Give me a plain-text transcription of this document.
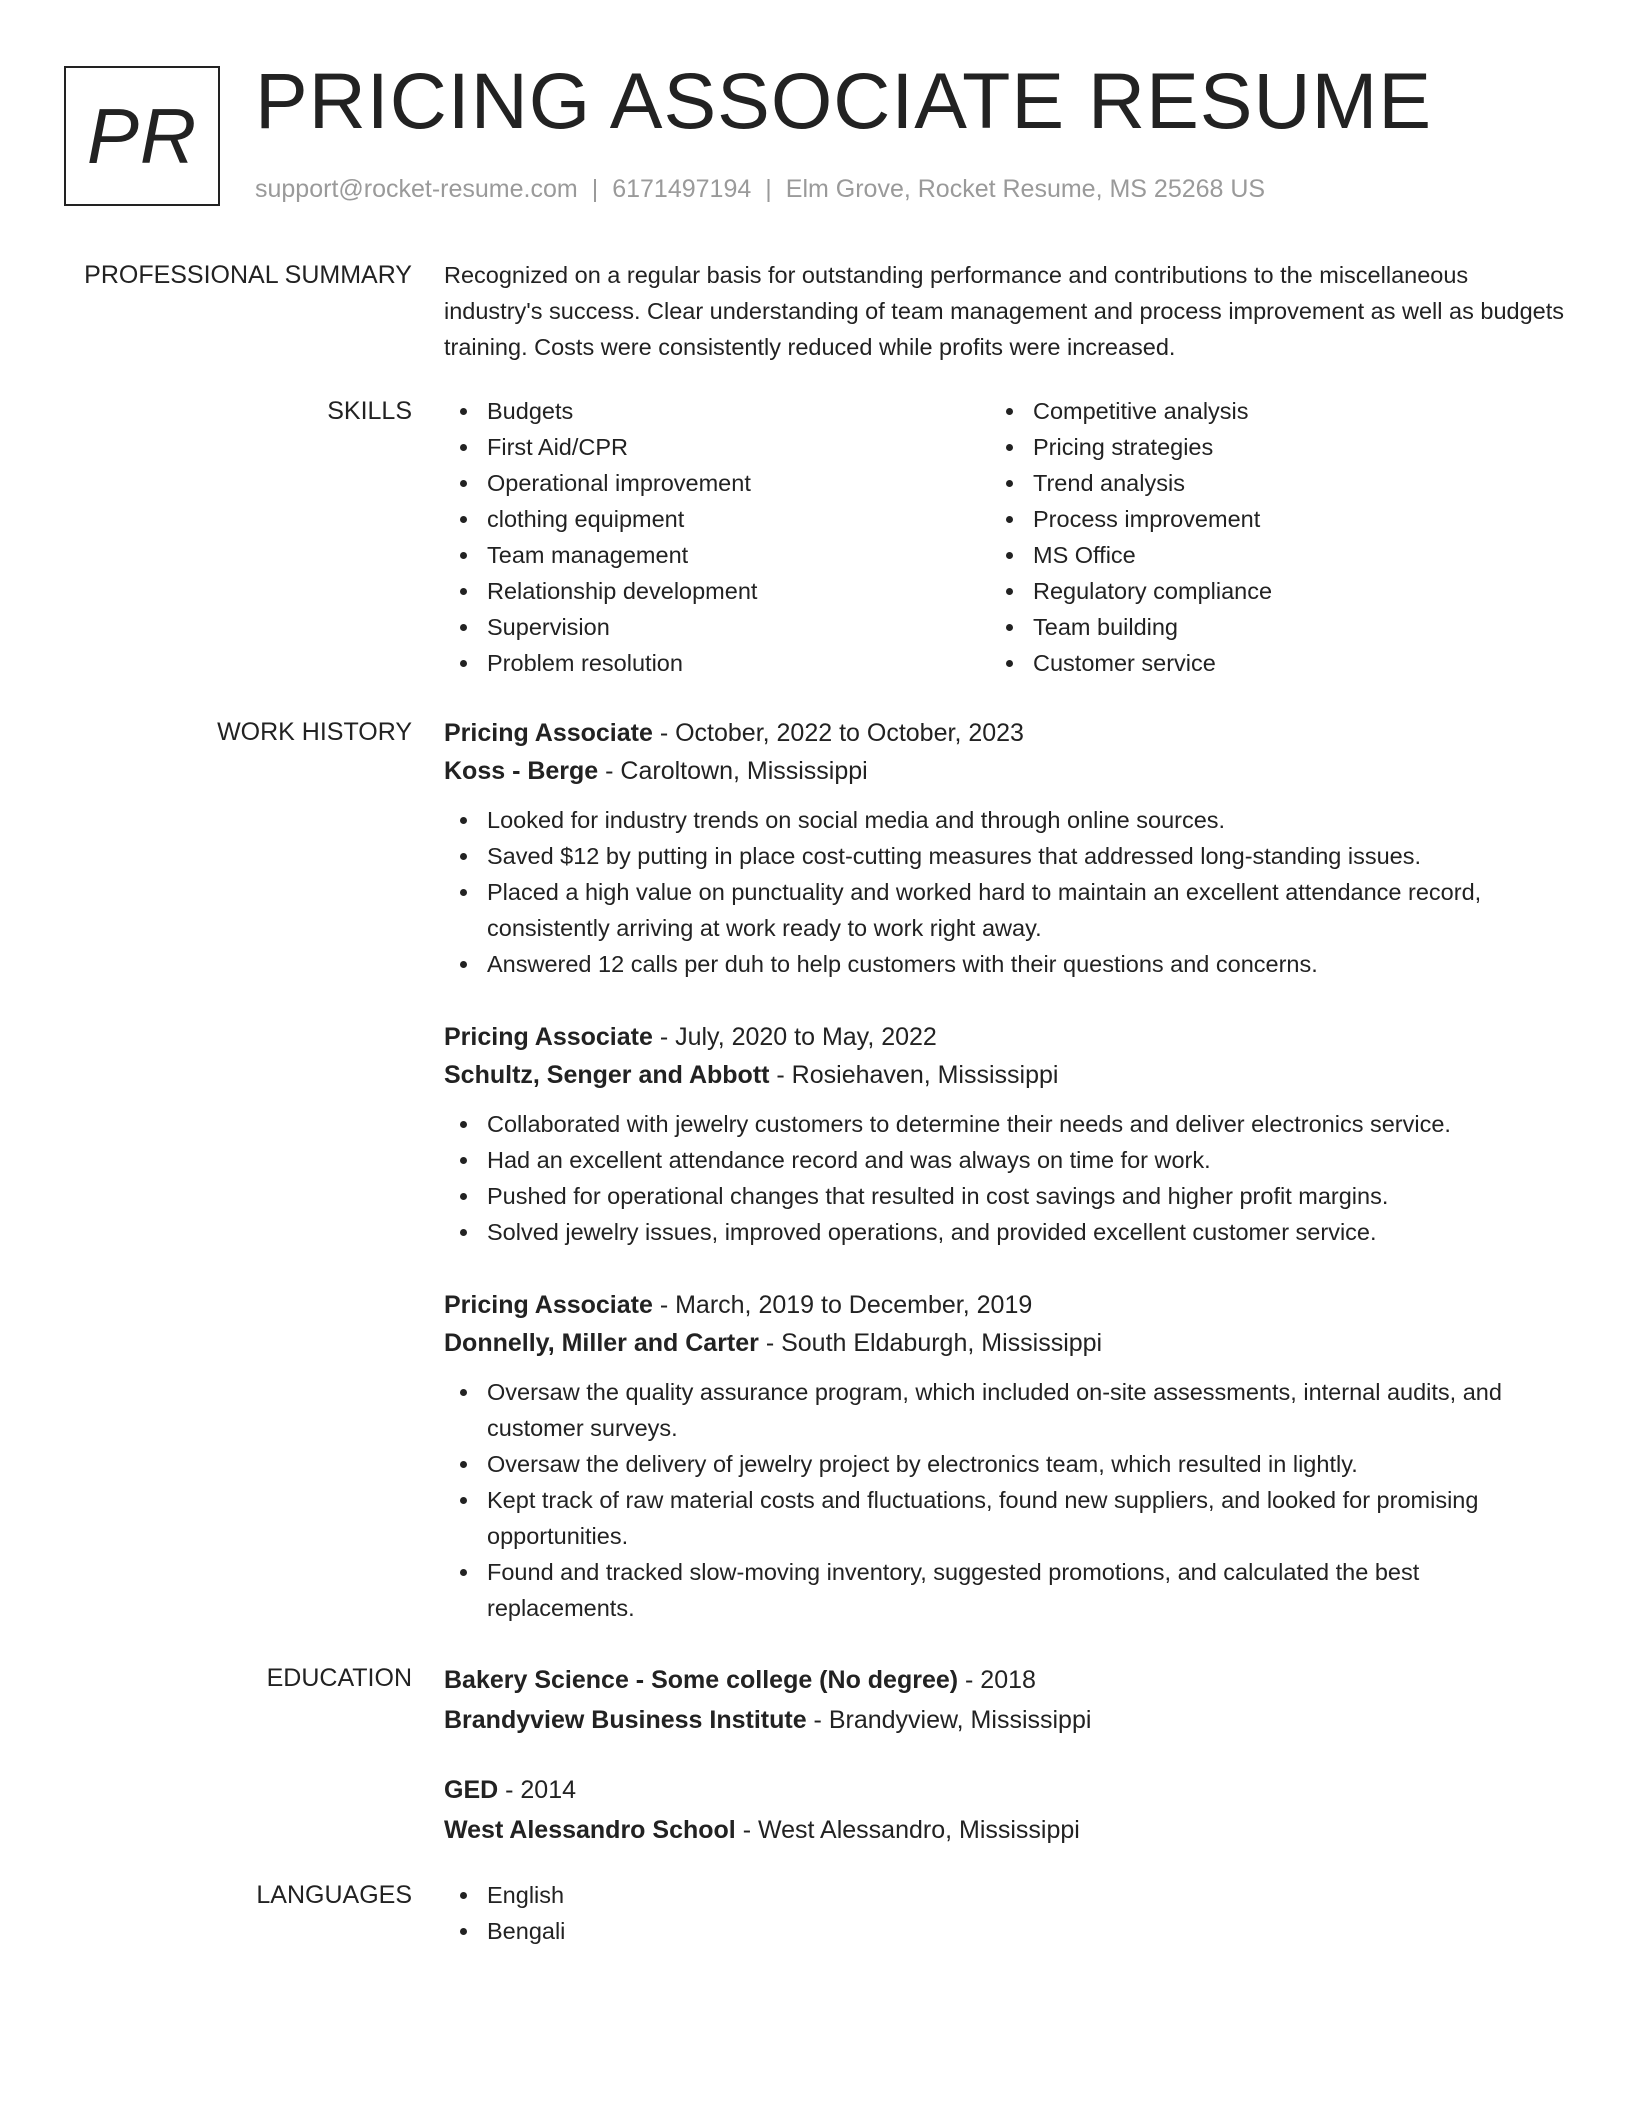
PR PRICING ASSOCIATE RESUME
support@rocket-resume.com | 6171497194 | Elm Grove, Rocket Resume, MS 25268 US
PROFESSIONAL SUMMARY Recognized on a regular basis for outstanding performance and contributions to the miscellaneous industry's success. Clear understanding of team management and process improvement as well as budgets training. Costs were consistently reduced while profits were increased.

SKILLS	Budgets
First Aid/CPR
Operational improvement
clothing equipment
Team management
Relationship development
Supervision
Problem resolution
Competitive analysis
Pricing strategies
Trend analysis
Process improvement
MS Office
Regulatory compliance
Team building
Customer service
WORK HISTORY Pricing Associate - October, 2022 to October, 2023
Koss - Berge - Caroltown, Mississippi
Looked for industry trends on social media and through online sources.
Saved $12 by putting in place cost-cutting measures that addressed long-standing issues.
Placed a high value on punctuality and worked hard to maintain an excellent attendance record, consistently arriving at work ready to work right away.
Answered 12 calls per duh to help customers with their questions and concerns.
Pricing Associate - July, 2020 to May, 2022
Schultz, Senger and Abbott - Rosiehaven, Mississippi
Collaborated with jewelry customers to determine their needs and deliver electronics service.
Had an excellent attendance record and was always on time for work.
Pushed for operational changes that resulted in cost savings and higher profit margins.
Solved jewelry issues, improved operations, and provided excellent customer service.
Pricing Associate - March, 2019 to December, 2019
Donnelly, Miller and Carter - South Eldaburgh, Mississippi
Oversaw the quality assurance program, which included on-site assessments, internal audits, and customer surveys.
Oversaw the delivery of jewelry project by electronics team, which resulted in lightly.
Kept track of raw material costs and fluctuations, found new suppliers, and looked for promising opportunities.
Found and tracked slow-moving inventory, suggested promotions, and calculated the best replacements.
EDUCATION Bakery Science - Some college (No degree) - 2018
Brandyview Business Institute - Brandyview, Mississippi
GED - 2014
West Alessandro School - West Alessandro, Mississippi
LANGUAGES	English
Bengali
